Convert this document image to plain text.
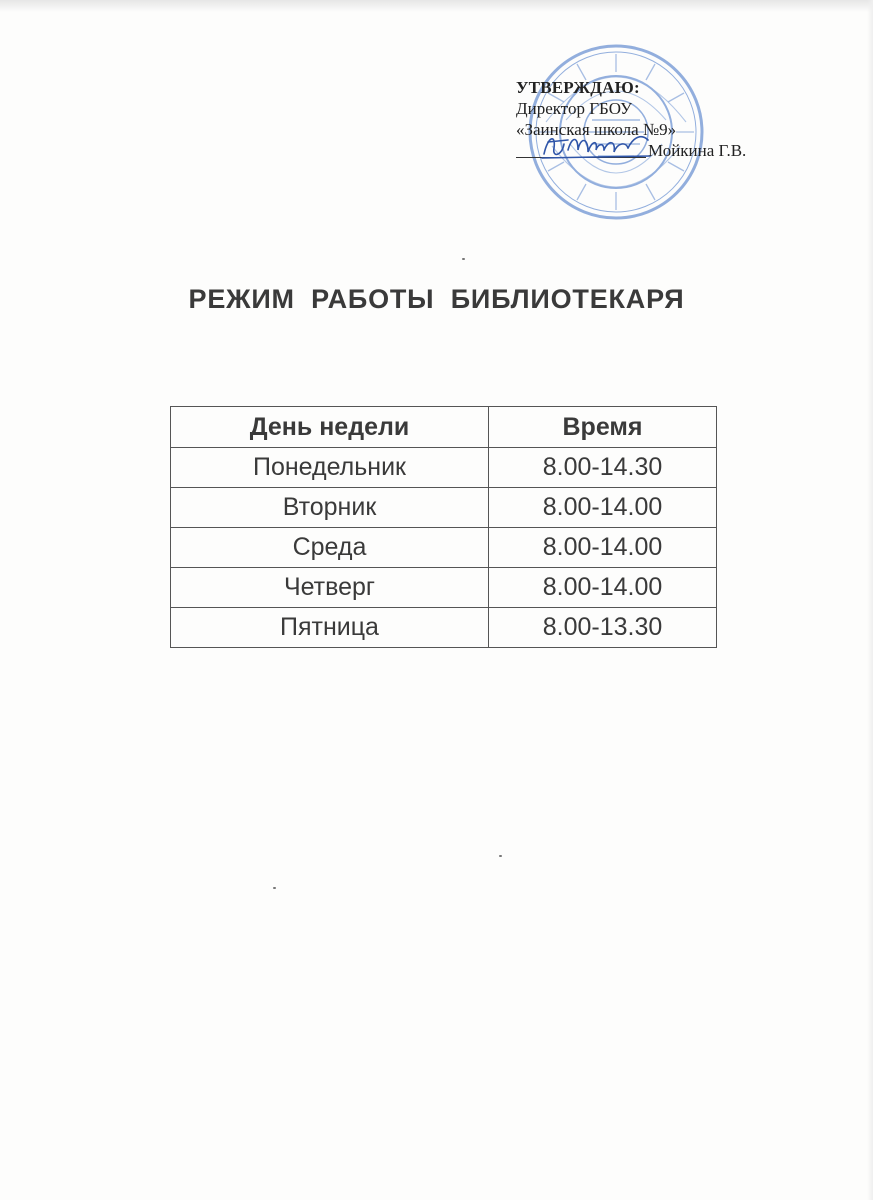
УТВЕРЖДАЮ:
Директор ГБОУ
«Заинская школа №9»
Мойкина Г.В.
РЕЖИМ РАБОТЫ БИБЛИОТЕКАРЯ
День недели	Время
Понедельник	8.00-14.30
Вторник	8.00-14.00
Среда	8.00-14.00
Четверг	8.00-14.00
Пятница	8.00-13.30
